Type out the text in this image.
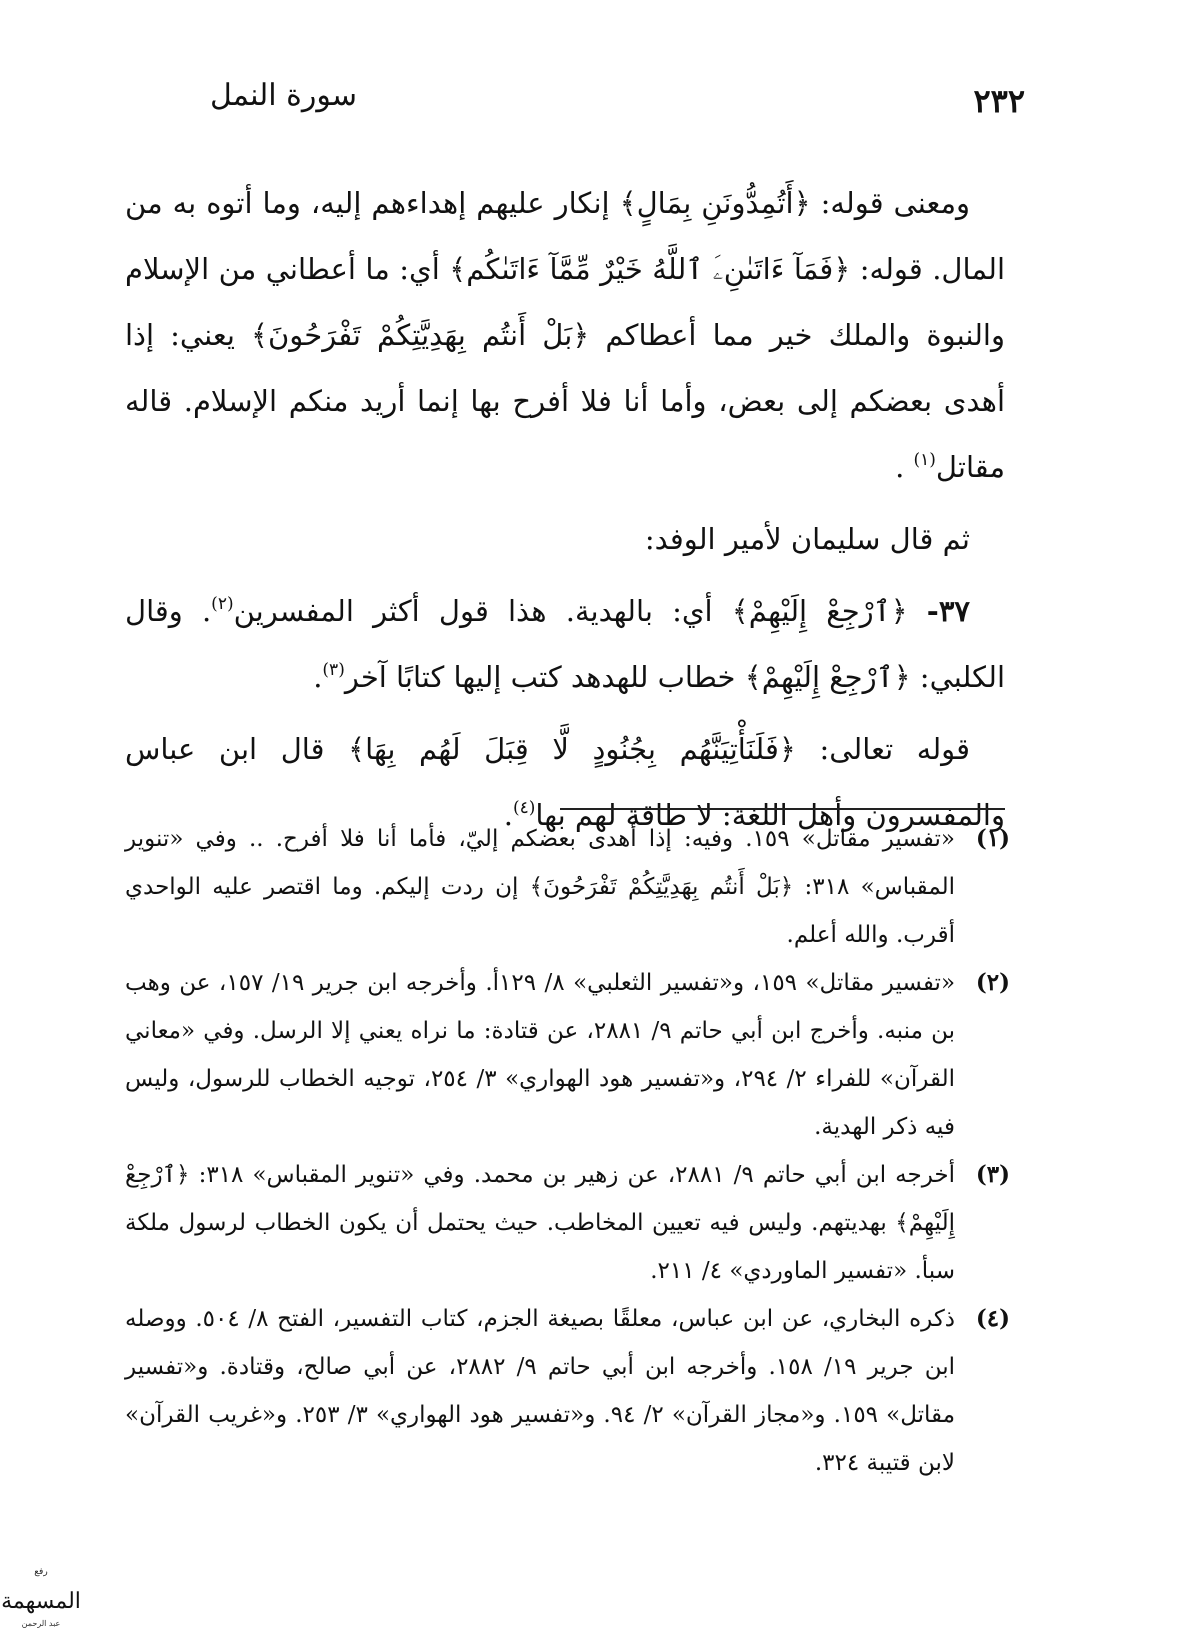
٢٣٢
سورة النمل

ومعنى قوله: ﴿أَتُمِدُّونَنِ بِمَالٍ﴾ إنكار عليهم إهداءهم إليه، وما أتوه به من المال. قوله: ﴿فَمَآ ءَاتَىٰنِۦَ ٱللَّهُ خَيْرٌ مِّمَّآ ءَاتَىٰكُم﴾ أي: ما أعطاني من الإسلام والنبوة والملك خير مما أعطاكم ﴿بَلْ أَنتُم بِهَدِيَّتِكُمْ تَفْرَحُونَ﴾ يعني: إذا أهدى بعضكم إلى بعض، وأما أنا فلا أفرح بها إنما أريد منكم الإسلام. قاله مقاتل$^{(١)}$ .

ثم قال سليمان لأمير الوفد:

٣٧- ﴿ٱرْجِعْ إِلَيْهِمْ﴾ أي: بالهدية. هذا قول أكثر المفسرين$^{(٢)}$. وقال الكلبي: ﴿ٱرْجِعْ إِلَيْهِمْ﴾ خطاب للهدهد كتب إليها كتابًا آخر$^{(٣)}$.

قوله تعالى: ﴿فَلَنَأْتِيَنَّهُم بِجُنُودٍ لَّا قِبَلَ لَهُم بِهَا﴾ قال ابن عباس والمفسرون وأهل اللغة: لا طاقة لهم بها$^{(٤)}$.

(١)
«تفسير مقاتل» ١٥٩. وفيه: إذا أهدى بعضكم إليّ، فأما أنا فلا أفرح. .. وفي «تنوير المقباس» ٣١٨: ﴿بَلْ أَنتُم بِهَدِيَّتِكُمْ تَفْرَحُونَ﴾ إن ردت إليكم. وما اقتصر عليه الواحدي أقرب. والله أعلم.
(٢)
«تفسير مقاتل» ١٥٩، و«تفسير الثعلبي» ٨/ ١٢٩أ. وأخرجه ابن جرير ١٩/ ١٥٧، عن وهب بن منبه. وأخرج ابن أبي حاتم ٩/ ٢٨٨١، عن قتادة: ما نراه يعني إلا الرسل. وفي «معاني القرآن» للفراء ٢/ ٢٩٤، و«تفسير هود الهواري» ٣/ ٢٥٤، توجيه الخطاب للرسول، وليس فيه ذكر الهدية.
(٣)
أخرجه ابن أبي حاتم ٩/ ٢٨٨١، عن زهير بن محمد. وفي «تنوير المقباس» ٣١٨: ﴿ٱرْجِعْ إِلَيْهِمْ﴾ بهديتهم. وليس فيه تعيين المخاطب. حيث يحتمل أن يكون الخطاب لرسول ملكة سبأ. «تفسير الماوردي» ٤/ ٢١١.
(٤)
ذكره البخاري، عن ابن عباس، معلقًا بصيغة الجزم، كتاب التفسير، الفتح ٨/ ٥٠٤. ووصله ابن جرير ١٩/ ١٥٨. وأخرجه ابن أبي حاتم ٩/ ٢٨٨٢، عن أبي صالح، وقتادة. و«تفسير مقاتل» ١٥٩. و«مجاز القرآن» ٢/ ٩٤. و«تفسير هود الهواري» ٣/ ٢٥٣. و«غريب القرآن» لابن قتيبة ٣٢٤.
رفع
المسهمة
عبد الرحمن
